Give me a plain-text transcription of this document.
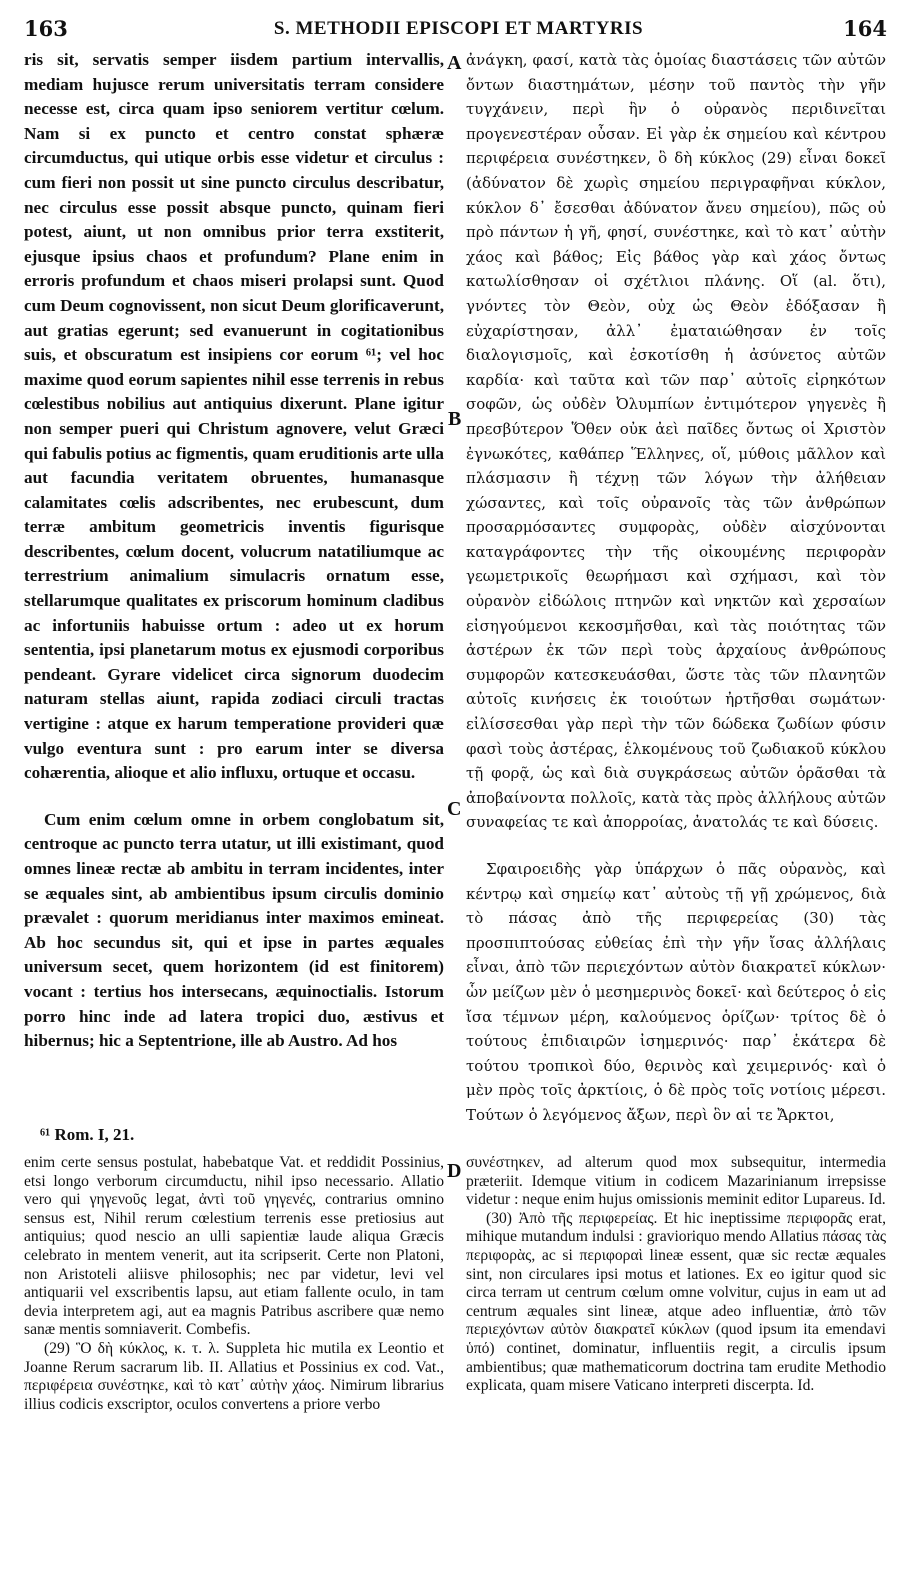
163	S. METHODII EPISCOPI ET MARTYRIS	164

ris sit, servatis semper iisdem partium intervallis, mediam hujusce rerum universitatis terram considere necesse est, circa quam ipso seniorem vertitur cœlum. Nam si ex puncto et centro constat sphæræ circumductus, qui utique orbis esse videtur et circulus : cum fieri non possit ut sine puncto circulus describatur, nec circulus esse possit absque puncto, quinam fieri potest, aiunt, ut non omnibus prior terra exstiterit, ejusque ipsius chaos et profundum? Plane enim in erroris profundum et chaos miseri prolapsi sunt. Quod cum Deum cognovissent, non sicut Deum glorificaverunt, aut gratias egerunt; sed evanuerunt in cogitationibus suis, et obscuratum est insipiens cor eorum ⁶¹; vel hoc maxime quod eorum sapientes nihil esse terrenis in rebus cœlestibus nobilius aut antiquius dixerunt. Plane igitur non semper pueri qui Christum agnovere, velut Græci qui fabulis potius ac figmentis, quam eruditionis arte ulla aut facundia veritatem obruentes, humanasque calamitates cœlis adscribentes, nec erubescunt, dum terræ ambitum geometricis inventis figurisque describentes, cœlum docent, volucrum natatiliumque ac terrestrium animalium simulacris ornatum esse, stellarumque qualitates ex priscorum hominum cladibus ac infortuniis habuisse ortum : adeo ut ex horum sententia, ipsi planetarum motus ex ejusmodi corporibus pendeant. Gyrare videlicet circa signorum duodecim naturam stellas aiunt, rapida zodiaci circuli tractas vertigine : atque ex harum temperatione provideri quæ vulgo eventura sunt : pro earum inter se diversa cohærentia, alioque et alio influxu, ortuque et occasu.

Cum enim cœlum omne in orbem conglobatum sit, centroque ac puncto terra utatur, ut illi existimant, quod omnes lineæ rectæ ab ambitu in terram incidentes, inter se æquales sint, ab ambientibus ipsum circulis dominio prævalet : quorum meridianus inter maximos emineat. Ab hoc secundus sit, qui et ipse in partes æquales universum secet, quem horizontem (id est finitorem) vocant : tertius hos intersecans, æquinoctialis. Istorum porro hinc inde ad latera tropici duo, æstivus et hibernus; hic a Septentrione, ille ab Austro. Ad hos

ἀνάγκη, φασί, κατὰ τὰς ὁμοίας διαστάσεις τῶν αὐτῶν ὄντων διαστημάτων, μέσην τοῦ παντὸς τὴν γῆν τυγχάνειν, περὶ ἣν ὁ οὐρανὸς περιδινεῖται προγενεστέραν οὖσαν. Εἰ γὰρ ἐκ σημείου καὶ κέντρου περιφέρεια συνέστηκεν, ὃ δὴ κύκλος (29) εἶναι δοκεῖ (ἀδύνατον δὲ χωρὶς σημείου περιγραφῆναι κύκλον, κύκλον δ᾽ ἔσεσθαι ἀδύνατον ἄνευ σημείου), πῶς οὐ πρὸ πάντων ἡ γῆ, φησί, συνέστηκε, καὶ τὸ κατ᾽ αὐτὴν χάος καὶ βάθος; Εἰς βάθος γὰρ καὶ χάος ὄντως κατωλίσθησαν οἱ σχέτλιοι πλάνης. Οἵ (al. ὅτι), γνόντες τὸν Θεὸν, οὐχ ὡς Θεὸν ἐδόξασαν ἢ εὐχαρίστησαν, ἀλλ᾽ ἐματαιώθησαν ἐν τοῖς διαλογισμοῖς, καὶ ἐσκοτίσθη ἡ ἀσύνετος αὐτῶν καρδία· καὶ ταῦτα καὶ τῶν παρ᾽ αὐτοῖς εἰρηκότων σοφῶν, ὡς οὐδὲν Ὀλυμπίων ἐντιμότερον γηγενὲς ἢ πρεσβύτερον Ὅθεν οὐκ ἀεὶ παῖδες ὄντως οἱ Χριστὸν ἐγνωκότες, καθάπερ Ἕλληνες, οἵ, μύθοις μᾶλλον καὶ πλάσμασιν ἢ τέχνῃ τῶν λόγων τὴν ἀλήθειαν χώσαντες, καὶ τοῖς οὐρανοῖς τὰς τῶν ἀνθρώπων προσαρμόσαντες συμφορὰς, οὐδὲν αἰσχύνονται καταγράφοντες τὴν τῆς οἰκουμένης περιφορὰν γεωμετρικοῖς θεωρήμασι καὶ σχήμασι, καὶ τὸν οὐρανὸν εἰδώλοις πτηνῶν καὶ νηκτῶν καὶ χερσαίων εἰσηγούμενοι κεκοσμῆσθαι, καὶ τὰς ποιότητας τῶν ἀστέρων ἐκ τῶν περὶ τοὺς ἀρχαίους ἀνθρώπους συμφορῶν κατεσκευάσθαι, ὥστε τὰς τῶν πλανητῶν αὐτοῖς κινήσεις ἐκ τοιούτων ἠρτῆσθαι σωμάτων· εἰλίσσεσθαι γὰρ περὶ τὴν τῶν δώδεκα ζωδίων φύσιν φασὶ τοὺς ἀστέρας, ἑλκομένους τοῦ ζωδιακοῦ κύκλου τῇ φορᾷ, ὡς καὶ διὰ συγκράσεως αὐτῶν ὁρᾶσθαι τὰ ἀποβαίνοντα πολλοῖς, κατὰ τὰς πρὸς ἀλλήλους αὐτῶν συναφείας τε καὶ ἀπορροίας, ἀνατολάς τε καὶ δύσεις.

Σφαιροειδὴς γὰρ ὑπάρχων ὁ πᾶς οὐρανὸς, καὶ κέντρῳ καὶ σημείῳ κατ᾽ αὐτοὺς τῇ γῇ χρώμενος, διὰ τὸ πάσας ἀπὸ τῆς περιφερείας (30) τὰς προσπιπτούσας εὐθείας ἐπὶ τὴν γῆν ἴσας ἀλλήλαις εἶναι, ἀπὸ τῶν περιεχόντων αὐτὸν διακρατεῖ κύκλων· ὧν μείζων μὲν ὁ μεσημερινὸς δοκεῖ· καὶ δεύτερος ὁ εἰς ἴσα τέμνων μέρη, καλούμενος ὁρίζων· τρίτος δὲ ὁ τούτους ἐπιδιαιρῶν ἰσημερινός· παρ᾽ ἑκάτερα δὲ τούτου τροπικοὶ δύο, θερινὸς καὶ χειμερινός· καὶ ὁ μὲν πρὸς τοῖς ἀρκτίοις, ὁ δὲ πρὸς τοῖς νοτίοις μέρεσι. Τούτων ὁ λεγόμενος ἄξων, περὶ ὃν αἱ τε Ἄρκτοι,

A
B
C
D
⁶¹ Rom. I, 21.

enim certe sensus postulat, habebatque Vat. et reddidit Possinius, etsi longo verborum circumductu, nihil ipso necessario. Allatio vero qui γηγενοῦς legat, ἀντὶ τοῦ γηγενές, contrarius omnino sensus est, Nihil rerum cœlestium terrenis esse pretiosius aut antiquius; quod nescio an ulli sapientiæ laude aliqua Græcis celebrato in mentem venerit, aut ita scripserit. Certe non Platoni, non Aristoteli aliisve philosophis; nec par videtur, levi vel antiquarii vel exscribentis lapsu, aut etiam fallente oculo, in tam devia interpretem agi, aut ea magnis Patribus ascribere quæ nemo sanæ mentis somniaverit. Combefis.

(29) Ὃ δὴ κύκλος, κ. τ. λ. Suppleta hic mutila ex Leontio et Joanne Rerum sacrarum lib. II. Allatius et Possinius ex cod. Vat., περιφέρεια συνέστηκε, καὶ τὸ κατ᾽ αὐτὴν χάος. Nimirum librarius illius codicis exscriptor, oculos convertens a priore verbo

συνέστηκεν, ad alterum quod mox subsequitur, intermedia præteriit. Idemque vitium in codicem Mazarinianum irrepsisse videtur : neque enim hujus omissionis meminit editor Lupareus. Id.

(30) Ἀπὸ τῆς περιφερείας. Et hic ineptissime περιφορᾶς erat, mihique mutandum indulsi : gravioriquo mendo Allatius πάσας τὰς περιφορὰς, ac si περιφοραὶ lineæ essent, quæ sic rectæ æquales sint, non circulares ipsi motus et lationes. Ex eo igitur quod sic circa terram ut centrum cœlum omne volvitur, cujus in eam ut ad centrum æquales sint lineæ, atque adeo influentiæ, ἀπὸ τῶν περιεχόντων αὐτὸν διακρατεῖ κύκλων (quod ipsum ita emendavi ὑπό) continet, dominatur, influentiis regit, a circulis ipsum ambientibus; quæ mathematicorum doctrina tam erudite Methodio explicata, quam misere Vaticano interpreti discerpta. Id.
